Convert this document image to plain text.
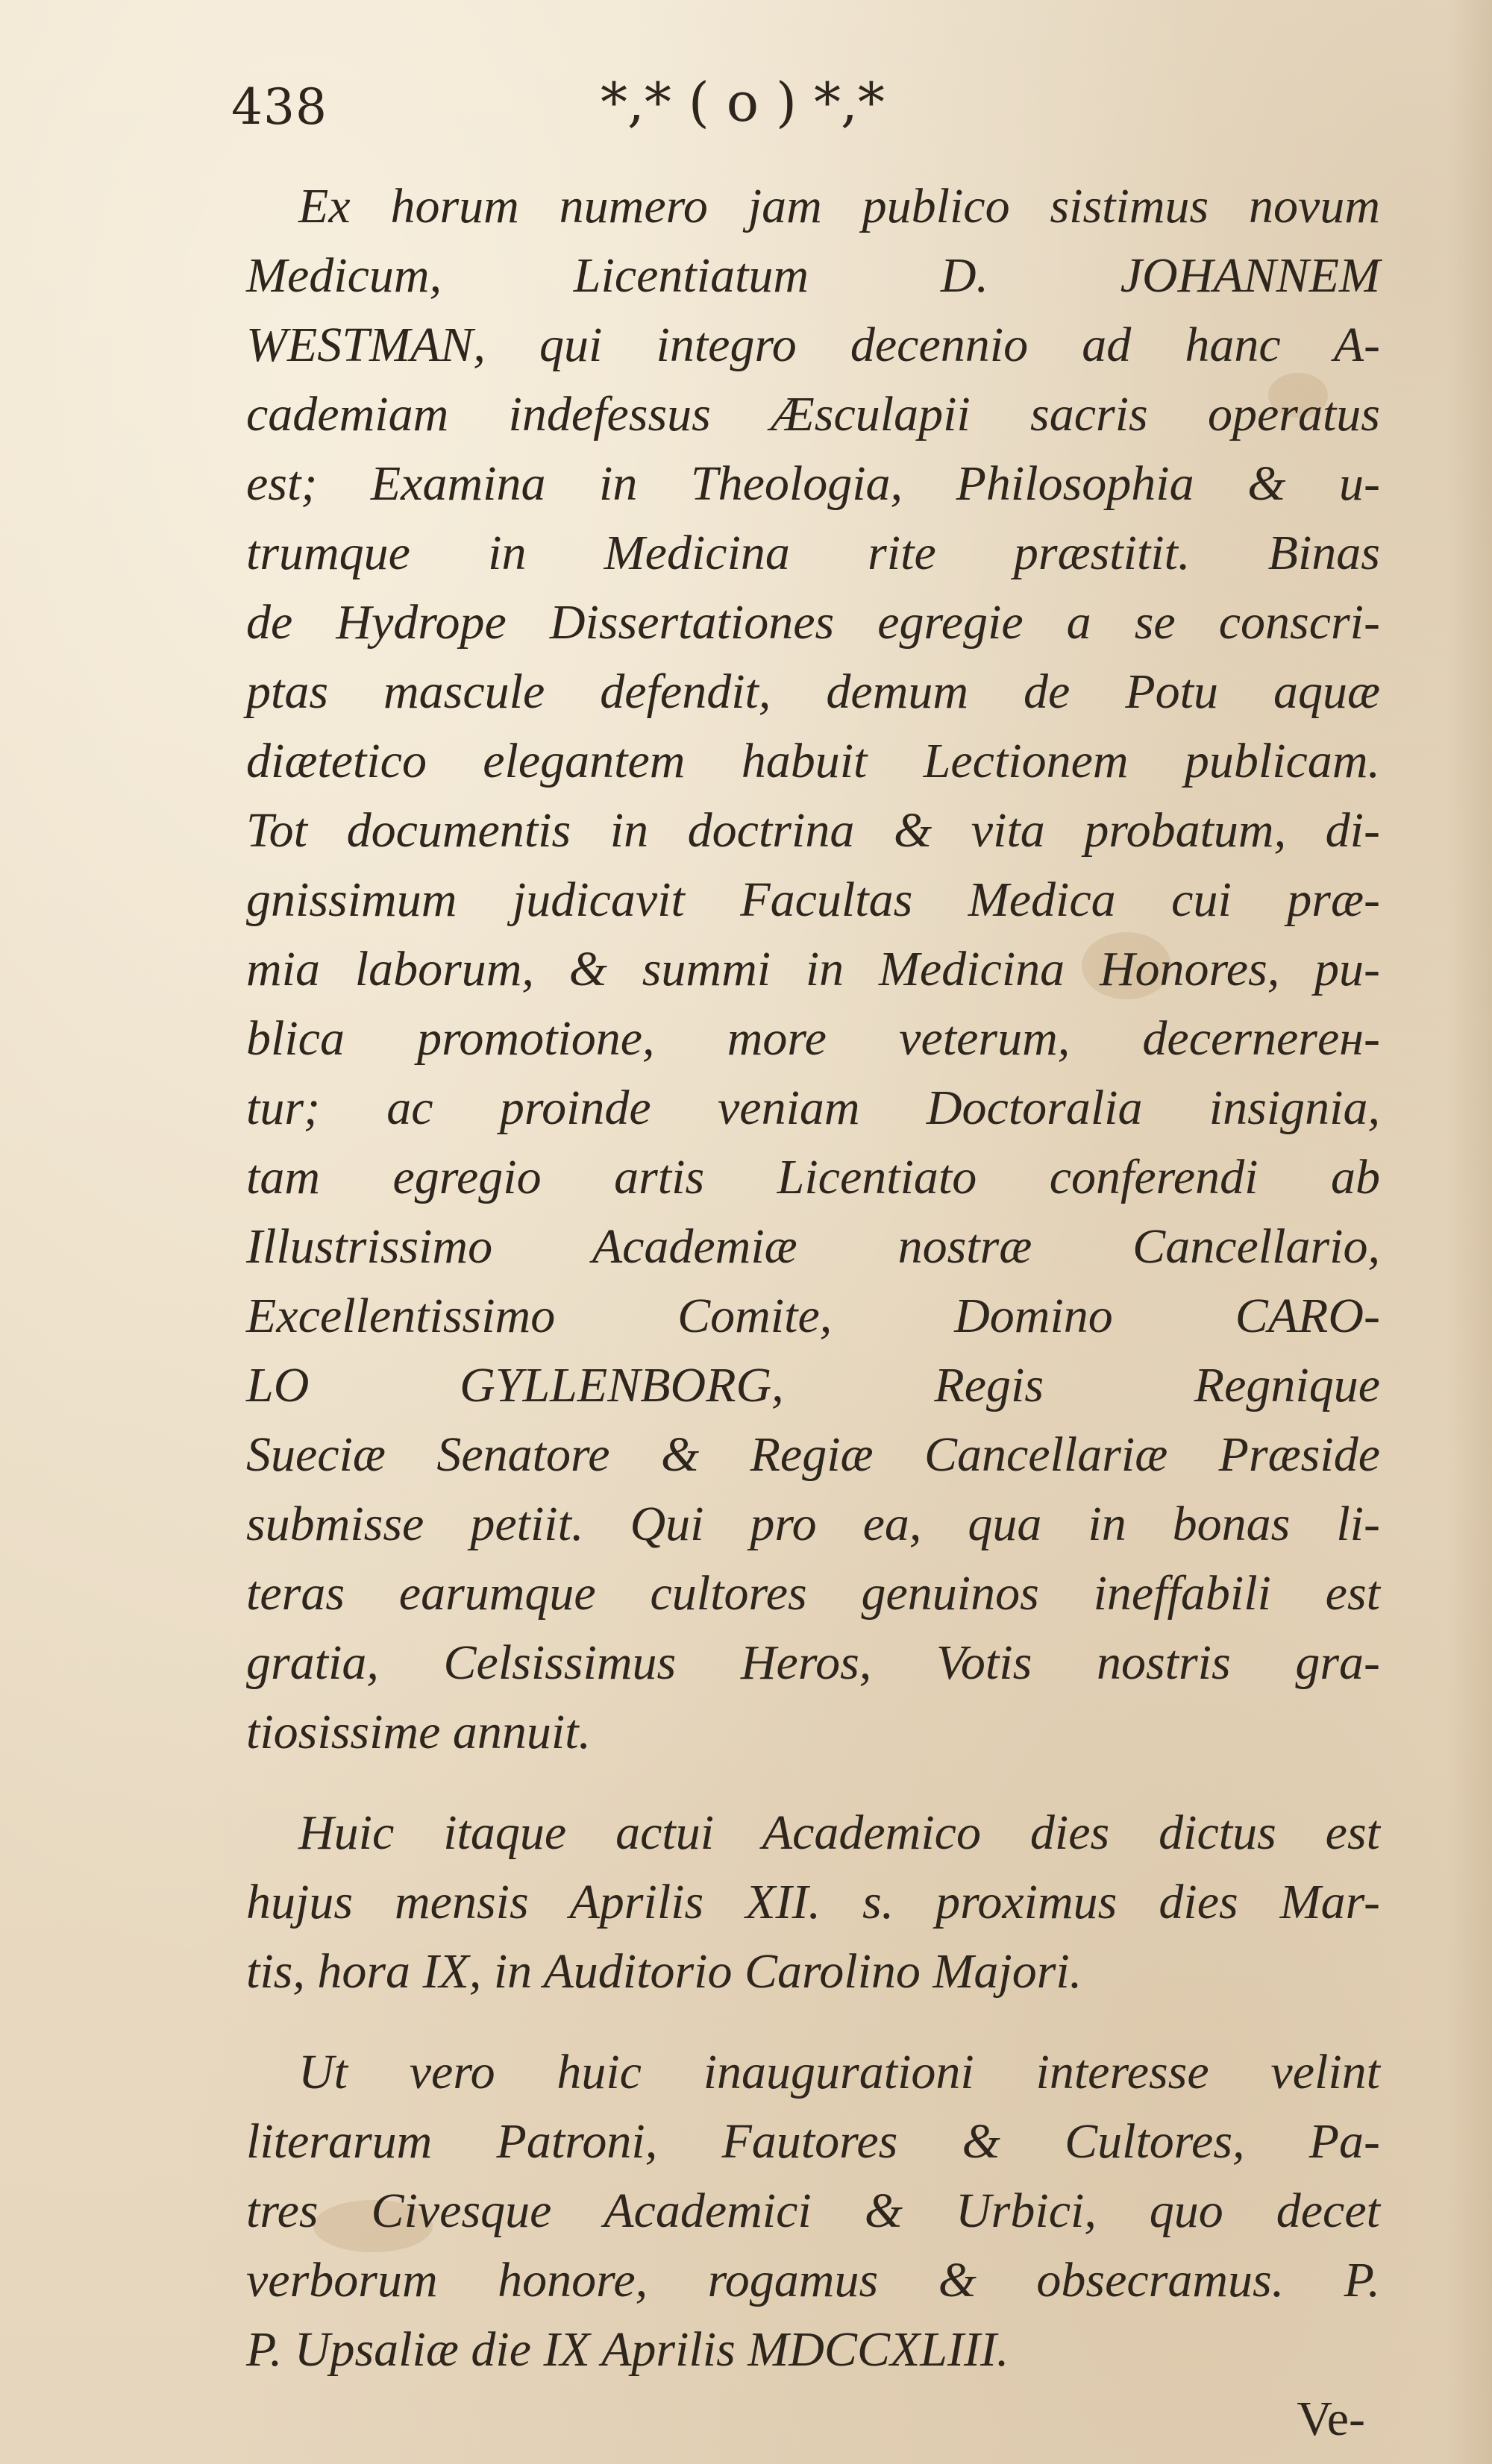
438	*,* ( o ) *,*
Ex horum numero jam publico sistimus novum
Medicum, Licentiatum D. JOHANNEM
WESTMAN, qui integro decennio ad hanc A-
cademiam indefessus Æsculapii sacris operatus
est; Examina in Theologia, Philosophia & u-
trumque in Medicina rite præstitit. Binas
de Hydrope Dissertationes egregie a se conscri-
ptas mascule defendit, demum de Potu aquæ
diætetico elegantem habuit Lectionem publicam.
Tot documentis in doctrina & vita probatum, di-
gnissimum judicavit Facultas Medica cui præ-
mia laborum, & summi in Medicina Honores, pu-
blica promotione, more veterum, decernerен-
tur; ac proinde veniam Doctoralia insignia,
tam egregio artis Licentiato conferendi ab
Illustrissimo Academiæ nostræ Cancellario,
Excellentissimo Comite, Domino CARO-
LO GYLLENBORG, Regis Regnique
Sueciæ Senatore & Regiæ Cancellariæ Præside
submisse petiit. Qui pro ea, qua in bonas li-
teras earumque cultores genuinos ineffabili est
gratia, Celsissimus Heros, Votis nostris gra-
tiosissime annuit.
Huic itaque actui Academico dies dictus est
hujus mensis Aprilis XII. s. proximus dies Mar-
tis, hora IX, in Auditorio Carolino Majori.
Ut vero huic inaugurationi interesse velint
literarum Patroni, Fautores & Cultores, Pa-
tres Civesque Academici & Urbici, quo decet
verborum honore, rogamus & obsecramus. P.
P. Upsaliæ die IX Aprilis MDCCXLIII.
Ve-
